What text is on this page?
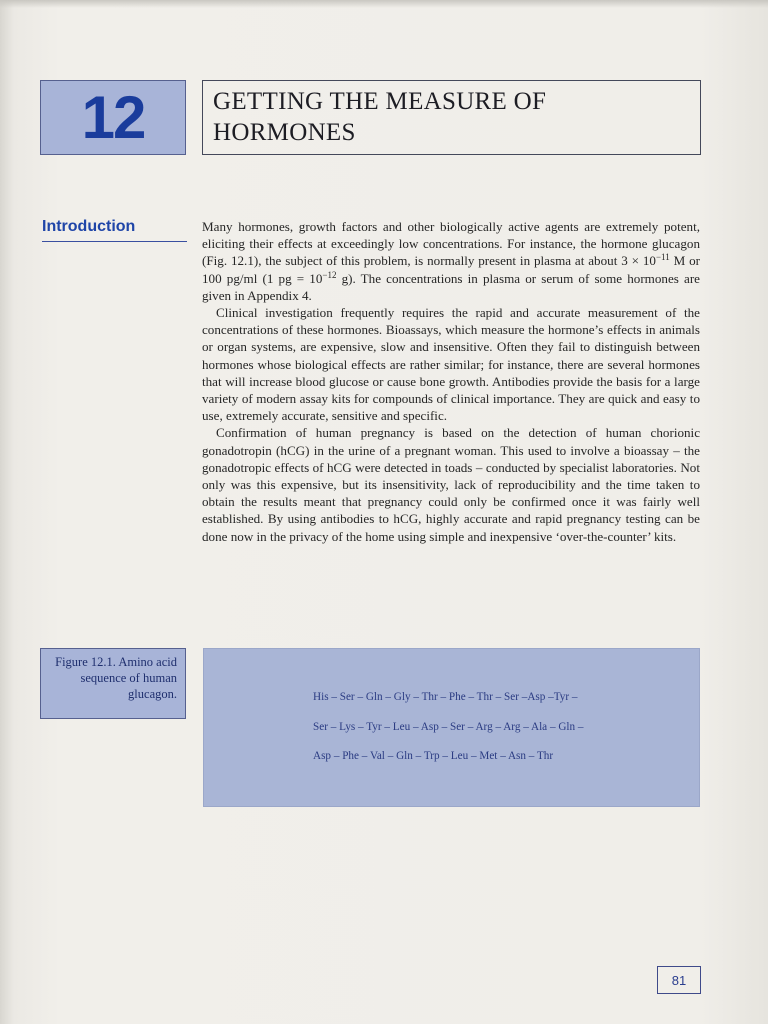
12	GETTING THE MEASURE OF
HORMONES
Introduction	Many hormones, growth factors and other biologically active agents are extremely potent, eliciting their effects at exceedingly low concentrations. For instance, the hormone glucagon (Fig. 12.1), the subject of this problem, is normally present in plasma at about $3 \times 10^{-11}$ M or 100 pg/ml (1 pg = $10^{-12}$ g). The concentrations in plasma or serum of some hormones are given in Appendix 4.

Clinical investigation frequently requires the rapid and accurate measurement of the concentrations of these hormones. Bioassays, which measure the hormone’s effects in animals or organ systems, are expensive, slow and insensitive. Often they fail to distinguish between hormones whose biological effects are rather similar; for instance, there are several hormones that will increase blood glucose or cause bone growth. Antibodies provide the basis for a large variety of modern assay kits for compounds of clinical importance. They are quick and easy to use, extremely accurate, sensitive and specific.

Confirmation of human pregnancy is based on the detection of human chorionic gonadotropin (hCG) in the urine of a pregnant woman. This used to involve a bioassay – the gonadotropic effects of hCG were detected in toads – conducted by specialist laboratories. Not only was this expensive, but its insensitivity, lack of reproducibility and the time taken to obtain the results meant that pregnancy could only be confirmed once it was fairly well established. By using antibodies to hCG, highly accurate and rapid pregnancy testing can be done now in the privacy of the home using simple and inexpensive ‘over-the-counter’ kits.

Figure 12.1. Amino acid sequence of human glucagon.	His – Ser – Gln – Gly – Thr – Phe – Thr – Ser –Asp –Tyr –
Ser – Lys – Tyr – Leu – Asp – Ser – Arg – Arg – Ala – Gln –
Asp – Phe – Val – Gln – Trp – Leu – Met – Asn – Thr
81
